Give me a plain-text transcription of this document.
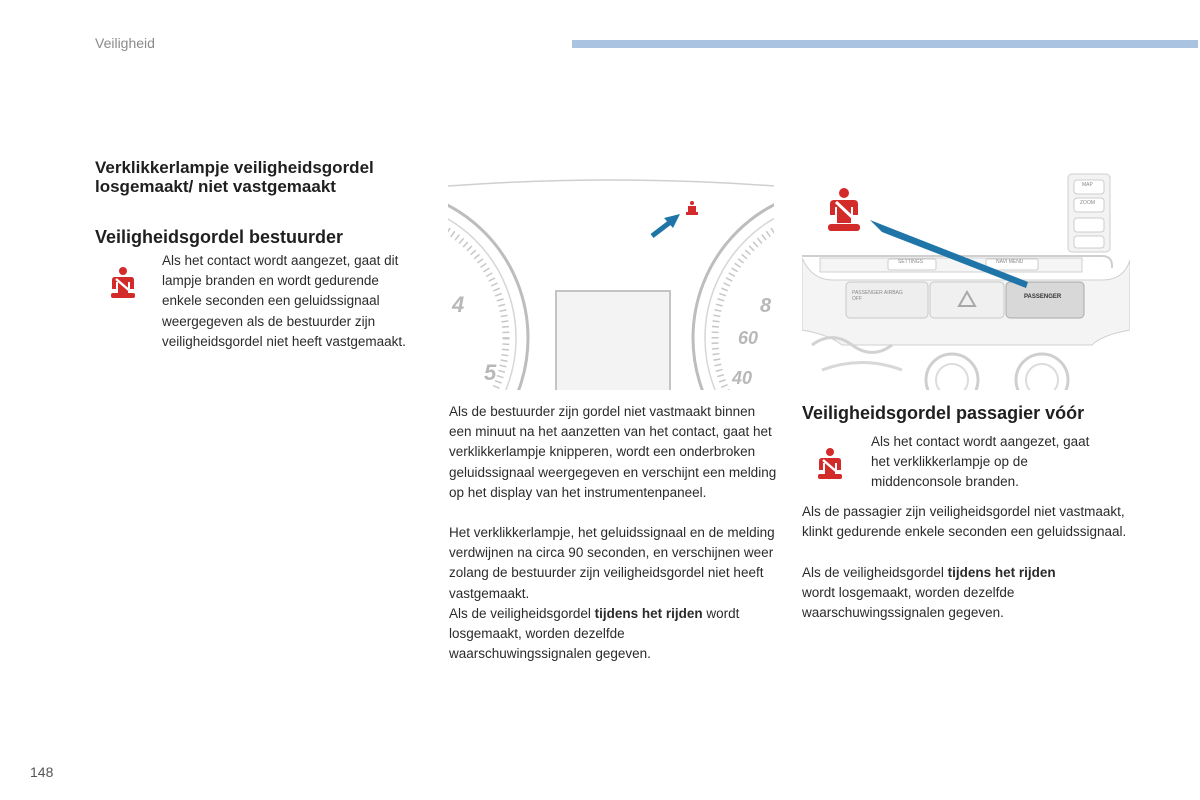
Veiligheid
Verklikkerlampje veiligheidsgordel losgemaakt/ niet vastgemaakt
Veiligheidsgordel bestuurder

Als het contact wordt aangezet, gaat dit lampje branden en wordt gedurende enkele seconden een geluidssignaal weergegeven als de bestuurder zijn veiligheidsgordel niet heeft vastgemaakt.

4
5
8
60
40

Als de bestuurder zijn gordel niet vastmaakt binnen een minuut na het aanzetten van het contact, gaat het verklikkerlampje knipperen, wordt een onderbroken geluidssignaal weergegeven en verschijnt een melding op het display van het instrumentenpaneel.

Het verklikkerlampje, het geluidssignaal en de melding verdwijnen na circa 90 seconden, en verschijnen weer zolang de bestuurder zijn veiligheidsgordel niet heeft vastgemaakt.

Als de veiligheidsgordel tijdens het rijden wordt losgemaakt, worden dezelfde waarschuwingssignalen gegeven.

MAP
ZOOM
SETTINGS	NAVI MENU
PASSENGER AIRBAG OFF	PASSENGER
Veiligheidsgordel passagier vóór

Als het contact wordt aangezet, gaat het verklikkerlampje op de middenconsole branden.

Als de passagier zijn veiligheidsgordel niet vastmaakt, klinkt gedurende enkele seconden een geluidssignaal.

Als de veiligheidsgordel tijdens het rijden wordt losgemaakt, worden dezelfde waarschuwingssignalen gegeven.

148
